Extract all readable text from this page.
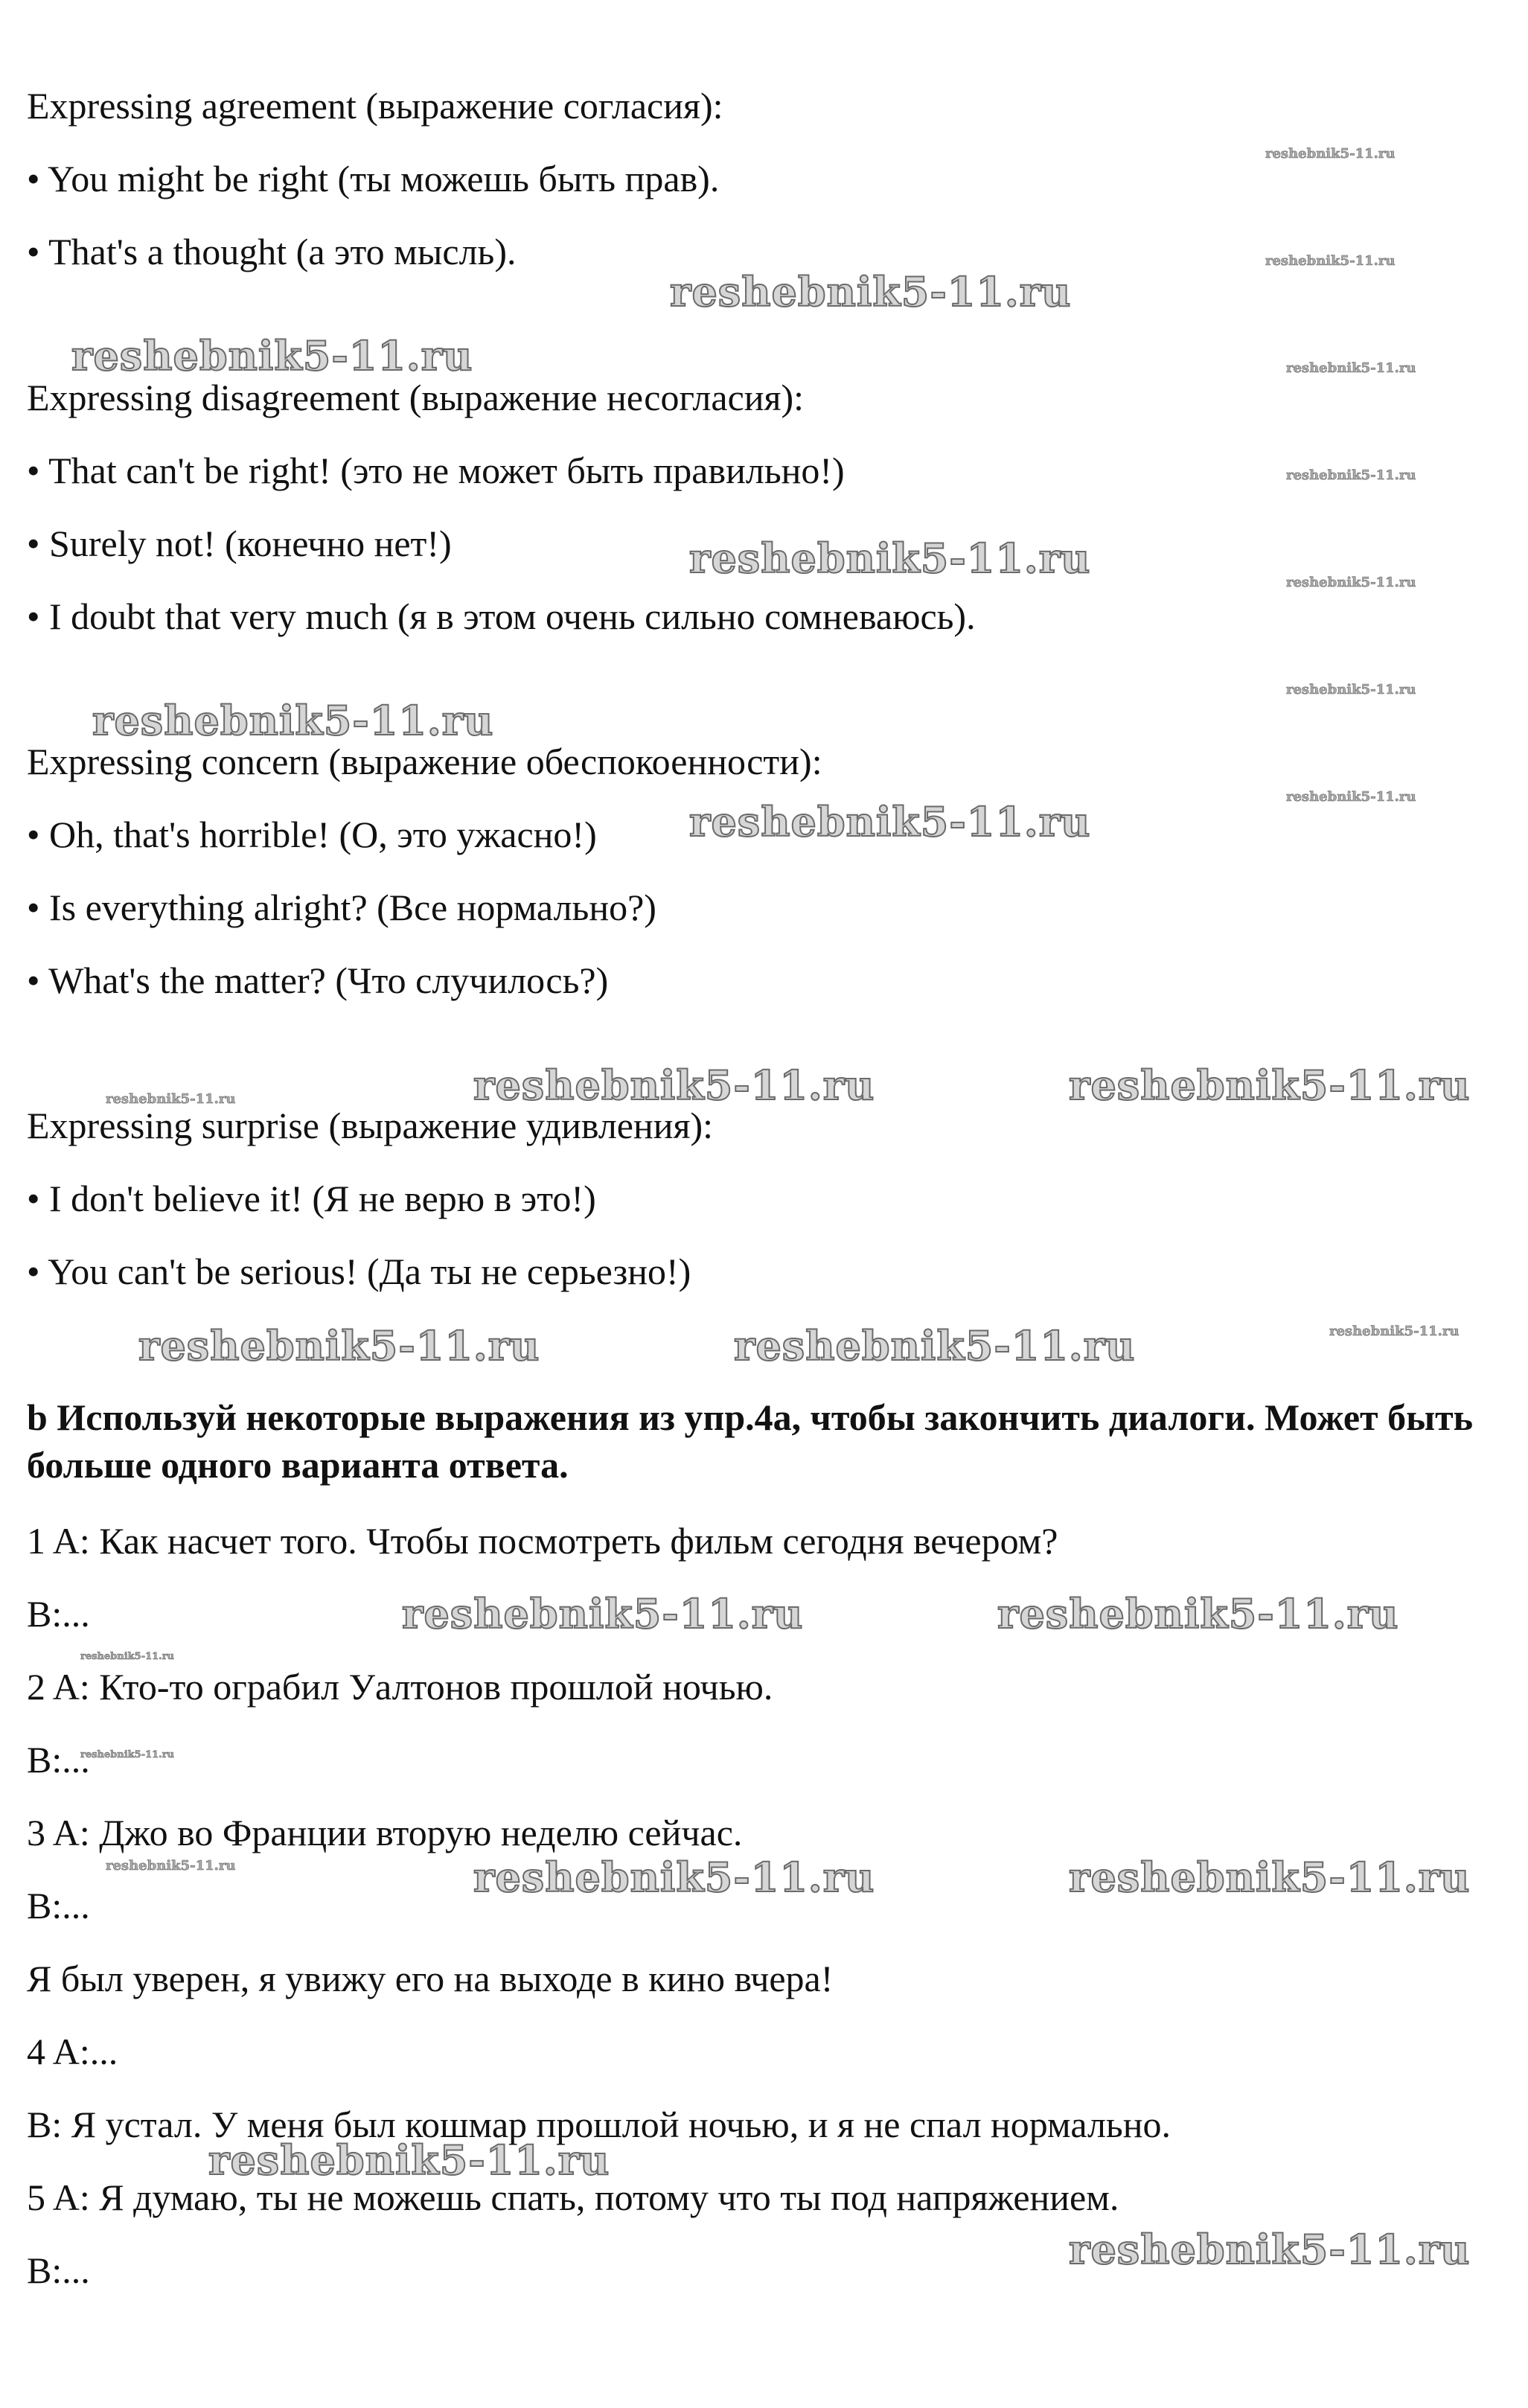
Expressing agreement (выражение согласия):

• You might be right (ты можешь быть прав).

• That's a thought (а это мысль).

Expressing disagreement (выражение несогласия):

• That can't be right! (это не может быть правильно!)

• Surely not! (конечно нет!)

• I doubt that very much (я в этом очень сильно сомневаюсь).

Expressing concern (выражение обеспокоенности):

• Oh, that's horrible! (О, это ужасно!)

• Is everything alright? (Все нормально?)

• What's the matter? (Что случилось?)

Expressing surprise (выражение удивления):

• I don't believe it! (Я не верю в это!)

• You can't be serious! (Да ты не серьезно!)

b Используй некоторые выражения из упр.4a, чтобы закончить диалоги. Может быть больше одного варианта ответа.

1 A: Как насчет того. Чтобы посмотреть фильм сегодня вечером?

B:...

2 A: Кто-то ограбил Уалтонов прошлой ночью.

B:...

3 A: Джо во Франции вторую неделю сейчас.

B:...

Я был уверен, я увижу его на выходе в кино вчера!

4 A:...

B: Я устал. У меня был кошмар прошлой ночью, и я не спал нормально.

5 A: Я думаю, ты не можешь спать, потому что ты под напряжением.

B:...

reshebnik5-11.ru
reshebnik5-11.ru
reshebnik5-11.ru
reshebnik5-11.ru
reshebnik5-11.ru
reshebnik5-11.ru	reshebnik5-11.ru
reshebnik5-11.ru	reshebnik5-11.ru
reshebnik5-11.ru	reshebnik5-11.ru
reshebnik5-11.ru	reshebnik5-11.ru
reshebnik5-11.ru
reshebnik5-11.ru
reshebnik5-11.ru
reshebnik5-11.ru
reshebnik5-11.ru
reshebnik5-11.ru
reshebnik5-11.ru
reshebnik5-11.ru
reshebnik5-11.ru
reshebnik5-11.ru
reshebnik5-11.ru
reshebnik5-11.ru
reshebnik5-11.ru
reshebnik5-11.ru
